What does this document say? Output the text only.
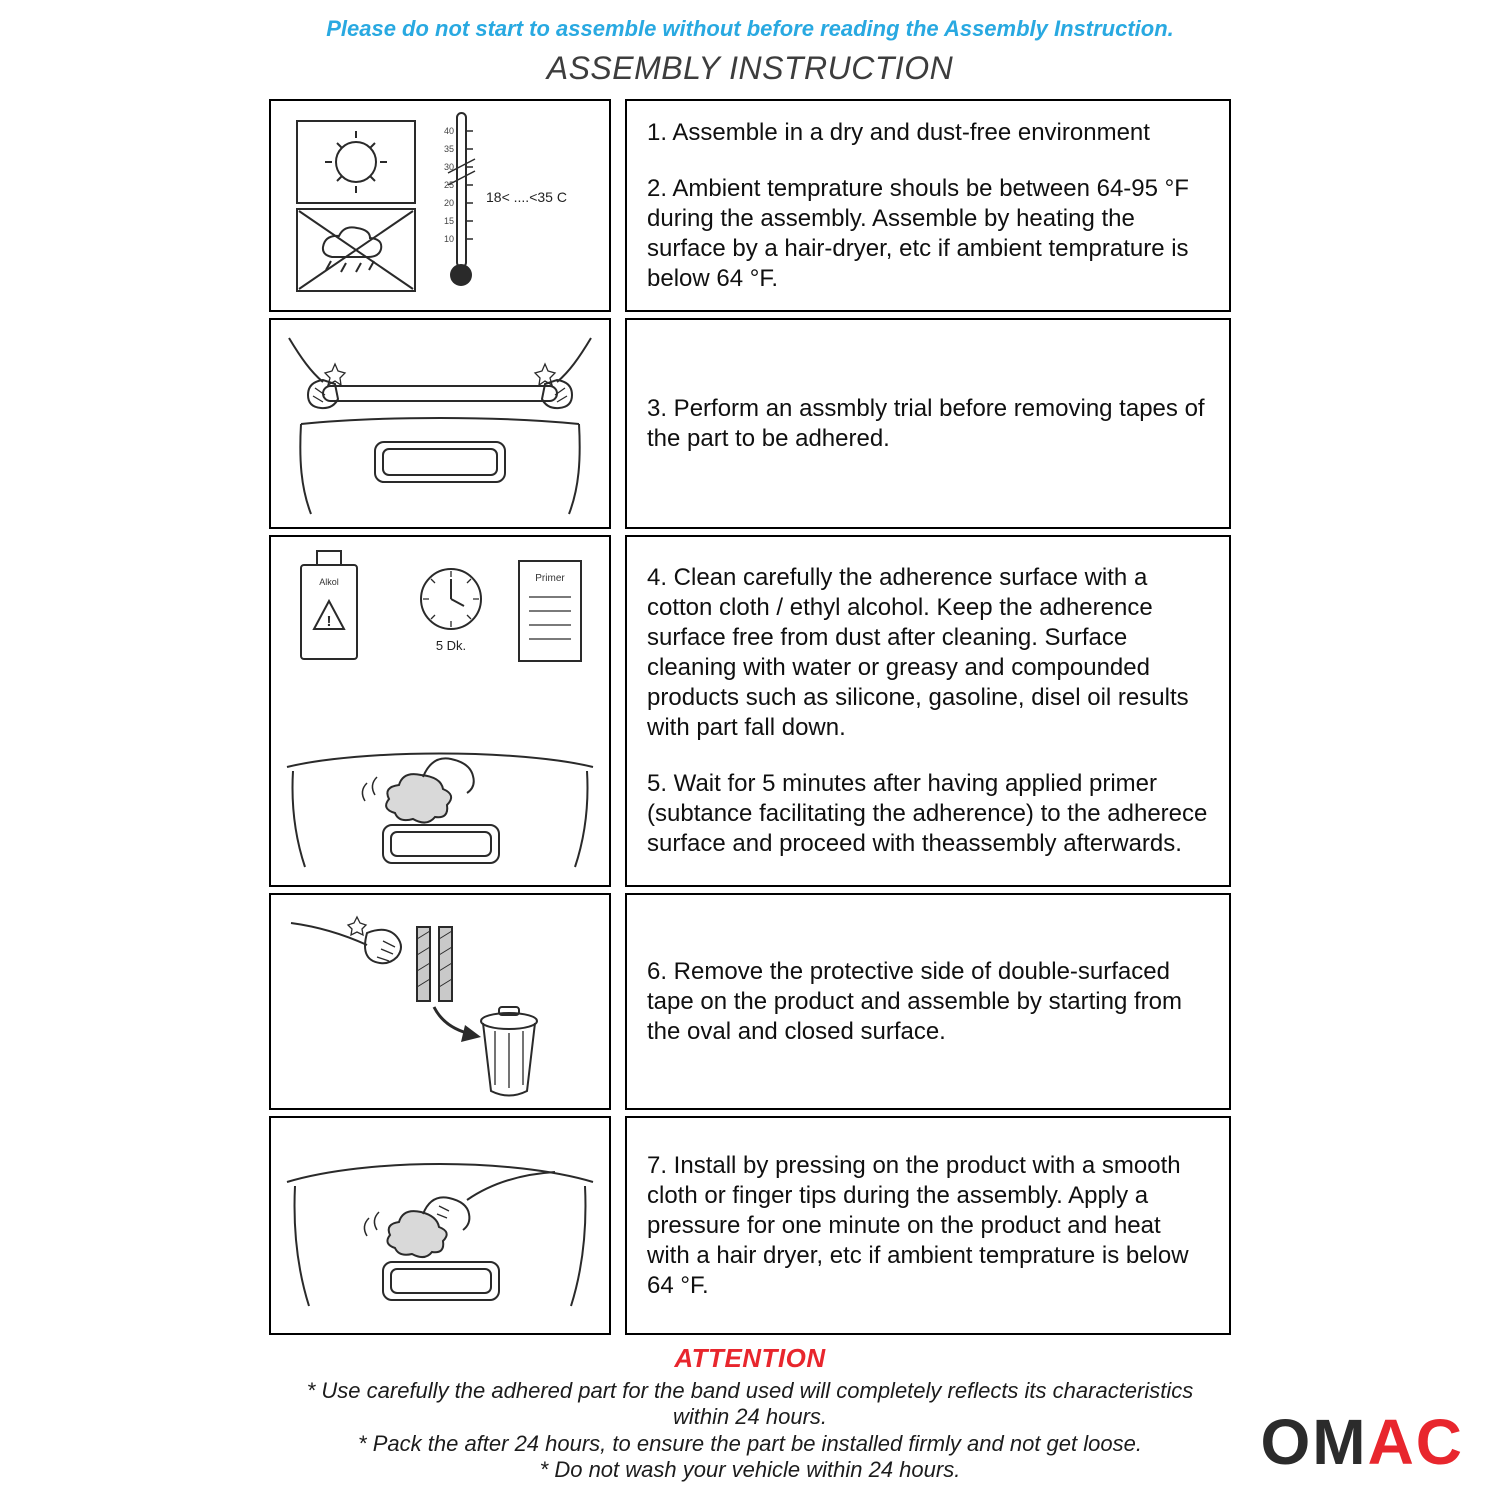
Please do not start to assemble without before reading the Assembly Instruction.
ASSEMBLY INSTRUCTION
40
35
30
25
20
15
10
18< ....<35 C

1. Assemble in a dry and dust-free environment

2. Ambient temprature shouls be between 64-95 °F during the assembly. Assemble by heating the surface by a hair-dryer, etc if ambient temprature is below 64 °F.

3. Perform an assmbly trial before removing tapes of the part to be adhered.

Alkol
!
5 Dk.
Primer	4. Clean carefully the adherence surface with a cotton cloth / ethyl alcohol. Keep the adherence surface free from dust after cleaning. Surface cleaning with water or greasy and compounded products such as silicone, gasoline, disel oil results with part fall down.

5. Wait for 5 minutes after having applied primer (subtance facilitating the adherence) to the adherece surface and proceed with theassembly afterwards.

6. Remove the protective side of double-surfaced tape on the product and assemble by starting from the oval and closed surface.

7. Install by pressing on the product with a smooth cloth or finger tips during the assembly. Apply a pressure for one minute on the product and heat with a hair dryer, etc if ambient temprature is below 64 °F.

ATTENTION
* Use carefully the adhered part for the band used will completely reflects its characteristics within 24 hours.
* Pack the after 24 hours, to ensure the part be installed firmly and not get loose.
* Do not wash your vehicle within 24 hours.	OMAC
